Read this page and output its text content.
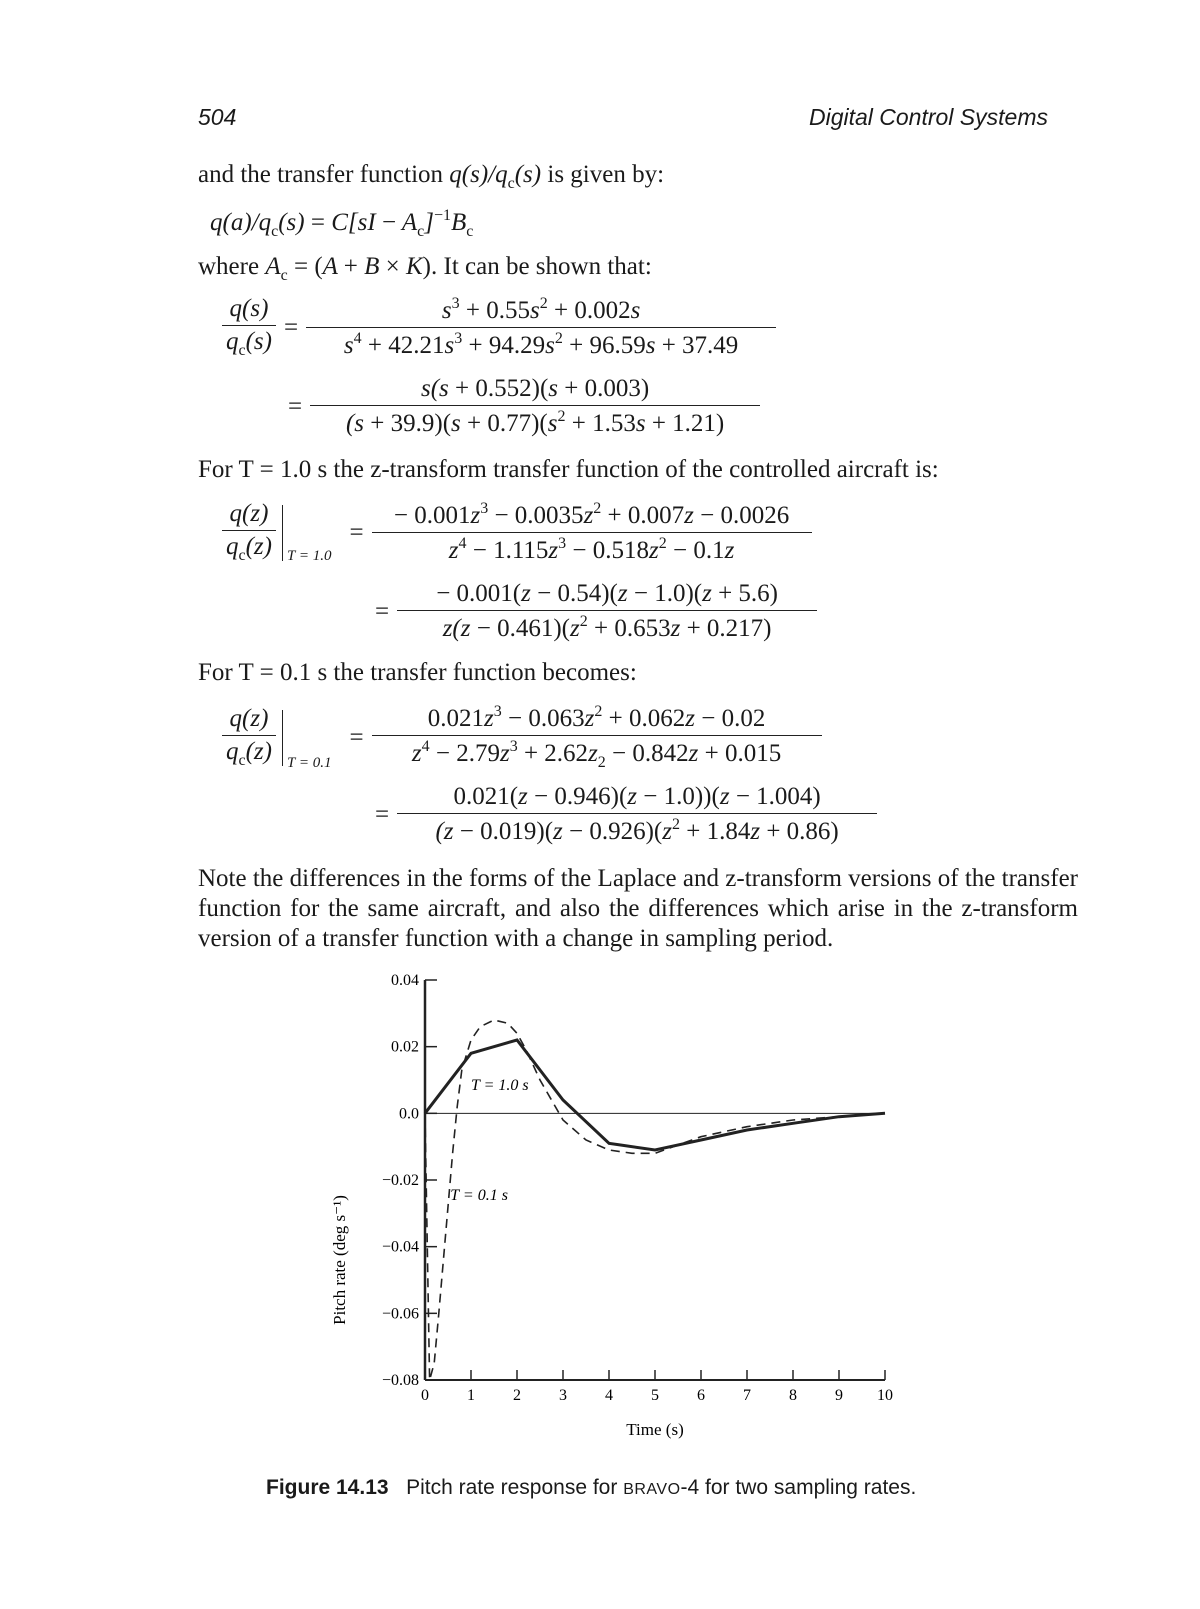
504	Digital Control Systems
and the transfer function $q(s)/q_c(s)$ is given by:
$q(a)/q_c(s) = C[sI - A_c]^{-1}B_c$
where $A_c = (A + B \times K)$. It can be shown that:
$\frac{q(s)}{q_c(s)} = \frac{s^3 + 0.55s^2 + 0.002s}{s^4 + 42.21s^3 + 94.29s^2 + 96.59s + 37.49}$
= $\frac{s(s + 0.552)(s + 0.003)}{(s + 39.9)(s + 0.77)(s^2 + 1.53s + 1.21)}$
For T = 1.0 s the z-transform transfer function of the controlled aircraft is:
$\frac{q(z)}{q_c(z)}$ T = 1.0
= $\frac{- 0.001z^3 - 0.0035z^2 + 0.007z - 0.0026}{z^4 - 1.115z^3 - 0.518z^2 - 0.1z}$
= $\frac{- 0.001(z - 0.54)(z - 1.0)(z + 5.6)}{z(z - 0.461)(z^2 + 0.653z + 0.217)}$
For T = 0.1 s the transfer function becomes:
$\frac{q(z)}{q_c(z)}$ T = 0.1
= $\frac{0.021z^3 - 0.063z^2 + 0.062z - 0.02}{z^4 - 2.79z^3 + 2.62z_2 - 0.842z + 0.015}$
= $\frac{0.021(z - 0.946)(z - 1.0))(z - 1.004)}{(z - 0.019)(z - 0.926)(z^2 + 1.84z + 0.86)}$
Note the differences in the forms of the Laplace and z-transform versions of the transfer function for the same aircraft, and also the differences which arise in the z-transform version of a transfer function with a change in sampling period.
0.04
0.02
0.0
−0.02
−0.04
−0.06
−0.08
0 1 2 3 4 5 6 7 8 9 10
T = 1.0 s
T = 0.1 s
Time (s)
Pitch rate (deg s⁻¹)
Figure 14.13 Pitch rate response for BRAVO-4 for two sampling rates.
